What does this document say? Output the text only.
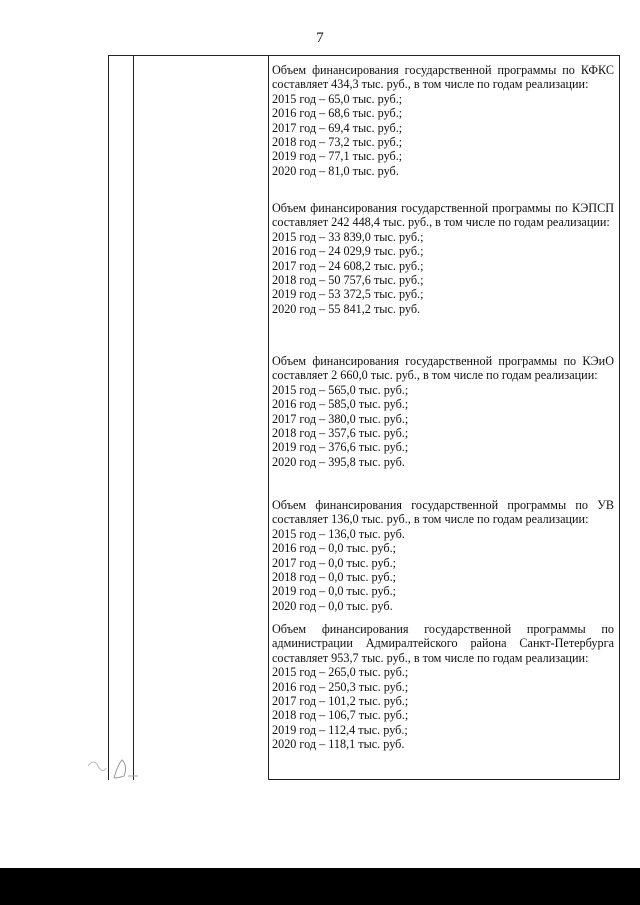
7

Объем финансирования государственной программы по КФКС составляет 434,3 тыс. руб., в том числе по годам реализации:

2015 год – 65,0 тыс. руб.;
2016 год – 68,6 тыс. руб.;
2017 год – 69,4 тыс. руб.;
2018 год – 73,2 тыс. руб.;
2019 год – 77,1 тыс. руб.;
2020 год – 81,0 тыс. руб.

Объем финансирования государственной программы по КЭПСП составляет 242 448,4 тыс. руб., в том числе по годам реализации:

2015 год – 33 839,0 тыс. руб.;
2016 год – 24 029,9 тыс. руб.;
2017 год – 24 608,2 тыс. руб.;
2018 год – 50 757,6 тыс. руб.;
2019 год – 53 372,5 тыс. руб.;
2020 год – 55 841,2 тыс. руб.

Объем финансирования государственной программы по КЭиО составляет 2 660,0 тыс. руб., в том числе по годам реализации:

2015 год – 565,0 тыс. руб.;
2016 год – 585,0 тыс. руб.;
2017 год – 380,0 тыс. руб.;
2018 год – 357,6 тыс. руб.;
2019 год – 376,6 тыс. руб.;
2020 год – 395,8 тыс. руб.

Объем финансирования государственной программы по УВ составляет 136,0 тыс. руб., в том числе по годам реализации:

2015 год – 136,0 тыс. руб.
2016 год – 0,0 тыс. руб.;
2017 год – 0,0 тыс. руб.;
2018 год – 0,0 тыс. руб.;
2019 год – 0,0 тыс. руб.;
2020 год – 0,0 тыс. руб.

Объем финансирования государственной программы по администрации Адмиралтейского района Санкт-Петербурга составляет 953,7 тыс. руб., в том числе по годам реализации:

2015 год – 265,0 тыс. руб.;
2016 год – 250,3 тыс. руб.;
2017 год – 101,2 тыс. руб.;
2018 год – 106,7 тыс. руб.;
2019 год – 112,4 тыс. руб.;
2020 год – 118,1 тыс. руб.
